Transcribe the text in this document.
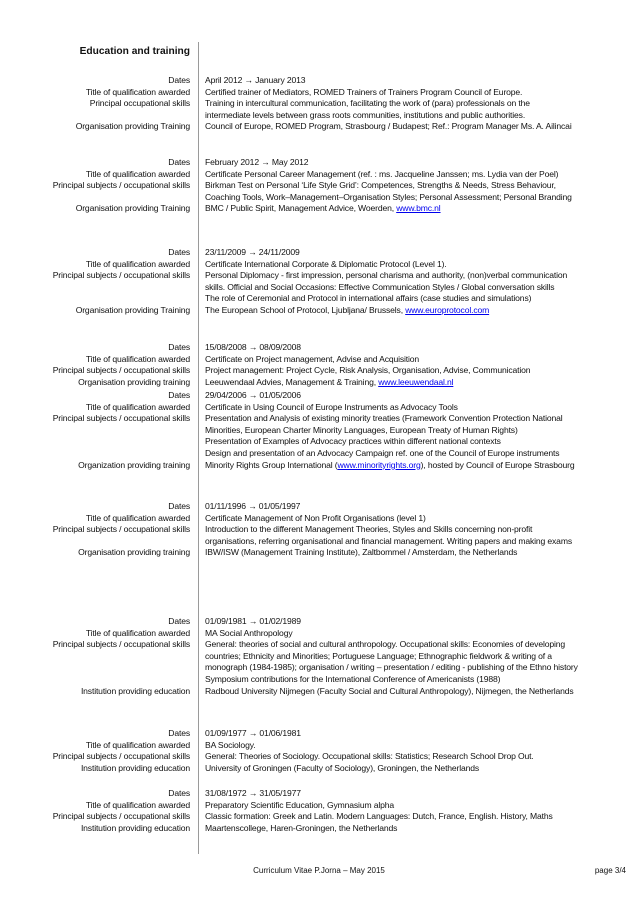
Education and training
Dates April 2012 → January 2013
Title of qualification awarded Certified trainer of Mediators, ROMED Trainers of Trainers Program Council of Europe.
Principal occupational skills Training in intercultural communication, facilitating the work of (para) professionals on the
intermediate levels between grass roots communities, institutions and public authorities.
Organisation providing Training Council of Europe, ROMED Program, Strasbourg / Budapest; Ref.: Program Manager Ms. A. Ailincai
Dates February 2012 → May 2012
Title of qualification awarded Certificate Personal Career Management (ref. : ms. Jacqueline Janssen; ms. Lydia van der Poel)
Principal subjects / occupational skills Birkman Test on Personal ‘Life Style Grid’: Competences, Strengths & Needs, Stress Behaviour,
Coaching Tools, Work–Management–Organisation Styles; Personal Assessment; Personal Branding
Organisation providing Training BMC / Public Spirit, Management Advice, Woerden, www.bmc.nl
Dates 23/11/2009 → 24/11/2009
Title of qualification awarded Certificate International Corporate & Diplomatic Protocol (Level 1).
Principal subjects / occupational skills Personal Diplomacy - first impression, personal charisma and authority, (non)verbal communication
skills. Official and Social Occasions: Effective Communication Styles / Global conversation skills
The role of Ceremonial and Protocol in international affairs (case studies and simulations)
Organisation providing Training The European School of Protocol, Ljubljana/ Brussels, www.europrotocol.com
Dates 15/08/2008 → 08/09/2008
Title of qualification awarded Certificate on Project management, Advise and Acquisition
Principal subjects / occupational skills Project management: Project Cycle, Risk Analysis, Organisation, Advise, Communication
Organisation providing training Leeuwendaal Advies, Management & Training, www.leeuwendaal.nl
Dates 29/04/2006 → 01/05/2006
Title of qualification awarded Certificate in Using Council of Europe Instruments as Advocacy Tools
Principal subjects / occupational skills Presentation and Analysis of existing minority treaties (Framework Convention Protection National
Minorities, European Charter Minority Languages, European Treaty of Human Rights)
Presentation of Examples of Advocacy practices within different national contexts
Design and presentation of an Advocacy Campaign ref. one of the Council of Europe instruments
Organization providing training Minority Rights Group International (www.minorityrights.org), hosted by Council of Europe Strasbourg
Dates 01/11/1996 → 01/05/1997
Title of qualification awarded Certificate Management of Non Profit Organisations (level 1)
Principal subjects / occupational skills Introduction to the different Management Theories, Styles and Skills concerning non-profit
organisations, referring organisational and financial management. Writing papers and making exams
Organisation providing training IBW/ISW (Management Training Institute), Zaltbommel / Amsterdam, the Netherlands
Dates 01/09/1981 → 01/02/1989
Title of qualification awarded MA Social Anthropology
Principal subjects / occupational skills General: theories of social and cultural anthropology. Occupational skills: Economies of developing
countries; Ethnicity and Minorities; Portuguese Language; Ethnographic fieldwork & writing of a
monograph (1984-1985); organisation / writing – presentation / editing - publishing of the Ethno history
Symposium contributions for the International Conference of Americanists (1988)
Institution providing education Radboud University Nijmegen (Faculty Social and Cultural Anthropology), Nijmegen, the Netherlands
Dates 01/09/1977 → 01/06/1981
Title of qualification awarded BA Sociology.
Principal subjects / occupational skills General: Theories of Sociology. Occupational skills: Statistics; Research School Drop Out.
Institution providing education University of Groningen (Faculty of Sociology), Groningen, the Netherlands
Dates 31/08/1972 → 31/05/1977
Title of qualification awarded Preparatory Scientific Education, Gymnasium alpha
Principal subjects / occupational skills Classic formation: Greek and Latin. Modern Languages: Dutch, France, English. History, Maths
Institution providing education Maartenscollege, Haren-Groningen, the Netherlands
Curriculum Vitae P.Jorna – May 2015	page 3/4
